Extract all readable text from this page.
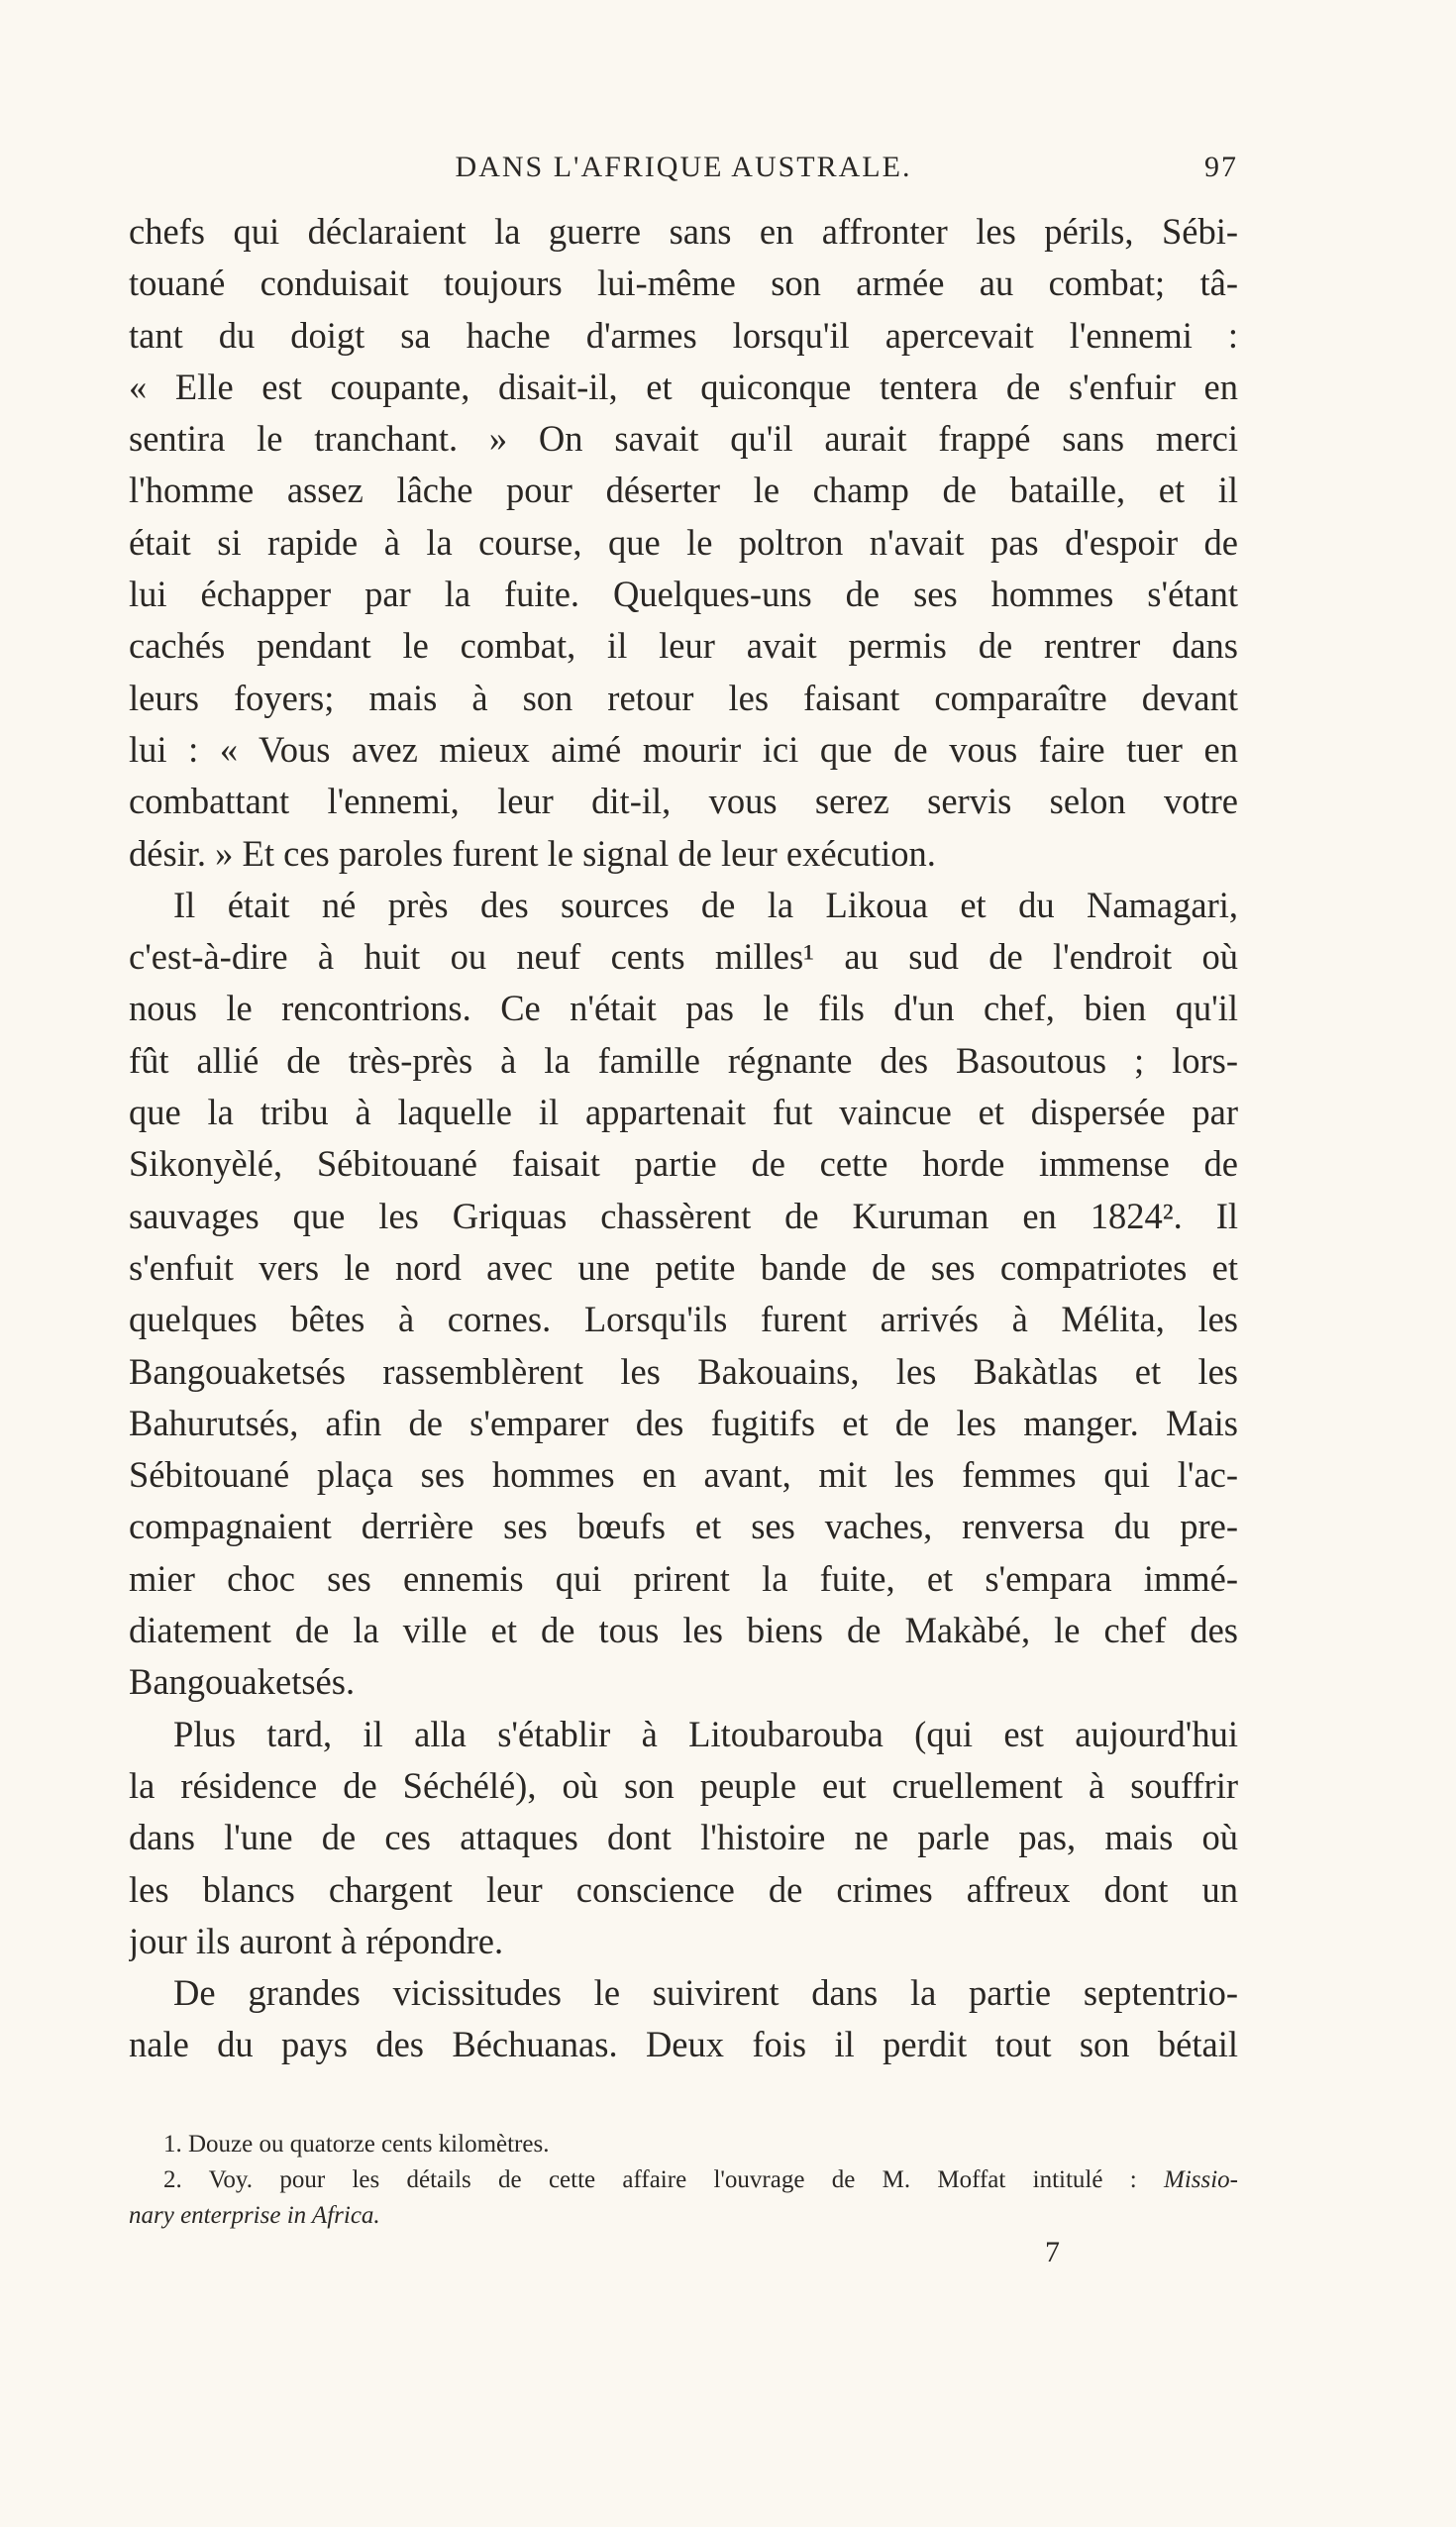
DANS L'AFRIQUE AUSTRALE.	97
chefs qui déclaraient la guerre sans en affronter les périls, Sébi-
touané conduisait toujours lui-même son armée au combat; tâ-
tant du doigt sa hache d'armes lorsqu'il apercevait l'ennemi :
« Elle est coupante, disait-il, et quiconque tentera de s'enfuir en
sentira le tranchant. » On savait qu'il aurait frappé sans merci
l'homme assez lâche pour déserter le champ de bataille, et il
était si rapide à la course, que le poltron n'avait pas d'espoir de
lui échapper par la fuite. Quelques-uns de ses hommes s'étant
cachés pendant le combat, il leur avait permis de rentrer dans
leurs foyers; mais à son retour les faisant comparaître devant
lui : « Vous avez mieux aimé mourir ici que de vous faire tuer en
combattant l'ennemi, leur dit-il, vous serez servis selon votre
désir. » Et ces paroles furent le signal de leur exécution.
Il était né près des sources de la Likoua et du Namagari,
c'est-à-dire à huit ou neuf cents milles¹ au sud de l'endroit où
nous le rencontrions. Ce n'était pas le fils d'un chef, bien qu'il
fût allié de très-près à la famille régnante des Basoutous ; lors-
que la tribu à laquelle il appartenait fut vaincue et dispersée par
Sikonyèlé, Sébitouané faisait partie de cette horde immense de
sauvages que les Griquas chassèrent de Kuruman en 1824². Il
s'enfuit vers le nord avec une petite bande de ses compatriotes et
quelques bêtes à cornes. Lorsqu'ils furent arrivés à Mélita, les
Bangouaketsés rassemblèrent les Bakouains, les Bakàtlas et les
Bahurutsés, afin de s'emparer des fugitifs et de les manger. Mais
Sébitouané plaça ses hommes en avant, mit les femmes qui l'ac-
compagnaient derrière ses bœufs et ses vaches, renversa du pre-
mier choc ses ennemis qui prirent la fuite, et s'empara immé-
diatement de la ville et de tous les biens de Makàbé, le chef des
Bangouaketsés.
Plus tard, il alla s'établir à Litoubarouba (qui est aujourd'hui
la résidence de Séchélé), où son peuple eut cruellement à souffrir
dans l'une de ces attaques dont l'histoire ne parle pas, mais où
les blancs chargent leur conscience de crimes affreux dont un
jour ils auront à répondre.
De grandes vicissitudes le suivirent dans la partie septentrio-
nale du pays des Béchuanas. Deux fois il perdit tout son bétail
1. Douze ou quatorze cents kilomètres.
2. Voy. pour les détails de cette affaire l'ouvrage de M. Moffat intitulé : Missio-
nary enterprise in Africa.
7
